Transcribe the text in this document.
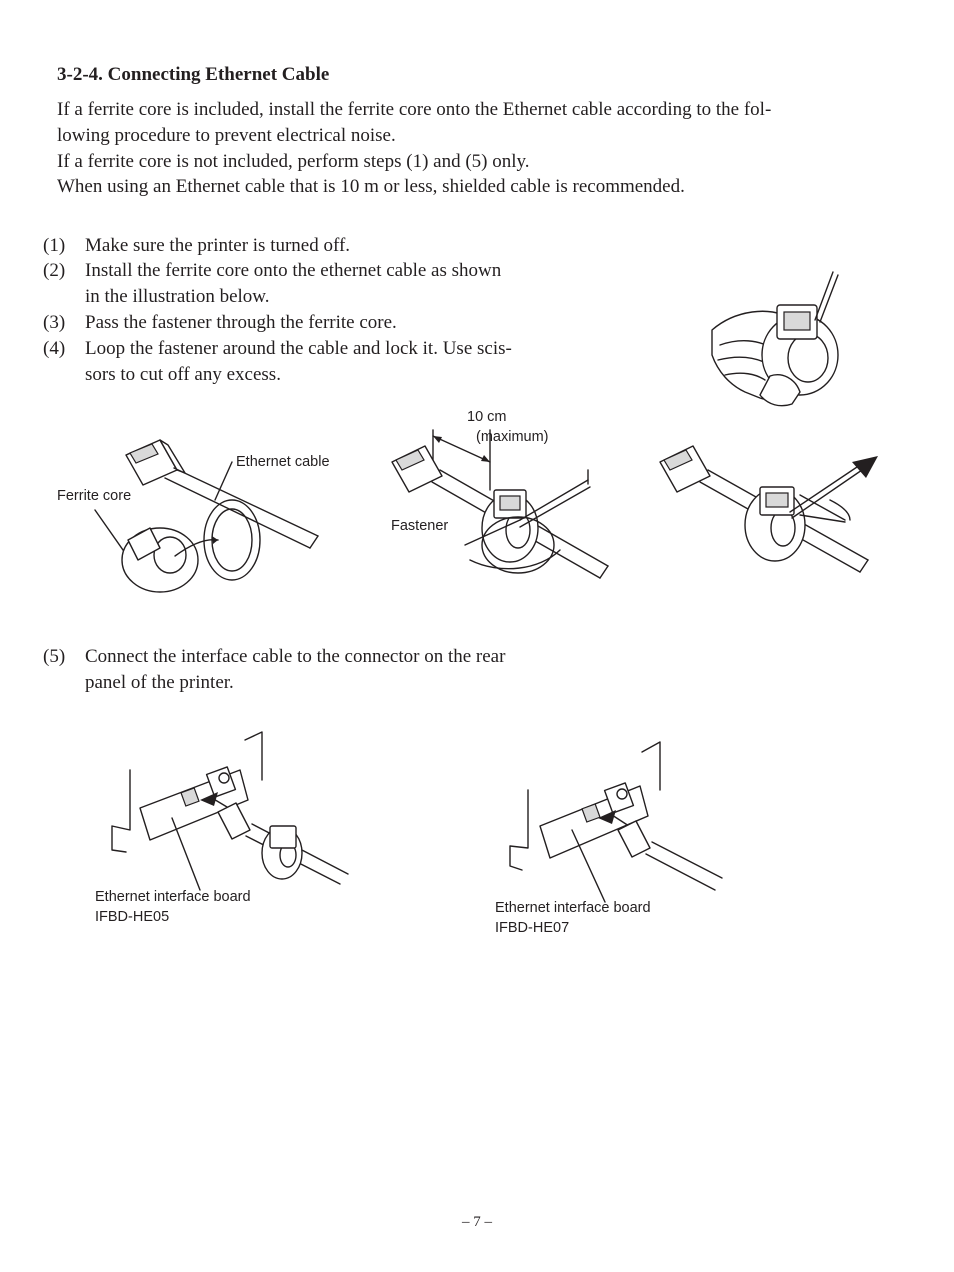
3-2-4. Connecting Ethernet Cable
If a ferrite core is included, install the ferrite core onto the Ethernet cable according to the fol-
lowing procedure to prevent electrical noise.
If a ferrite core is not included, perform steps (1) and (5) only.
When using an Ethernet cable that is 10 m or less, shielded cable is recommended.
(1) Make sure the printer is turned off.
(2) Install the ferrite core onto the ethernet cable as shown
in the illustration below.
(3) Pass the fastener through the ferrite core.
(4) Loop the fastener around the cable and lock it. Use scis-
sors to cut off any excess.
(5) Connect the interface cable to the connector on the rear
panel of the printer.
Ethernet cable
Ferrite core
10 cm
(maximum)
Fastener
Ethernet interface board
IFBD-HE05
Ethernet interface board
IFBD-HE07
– 7 –
